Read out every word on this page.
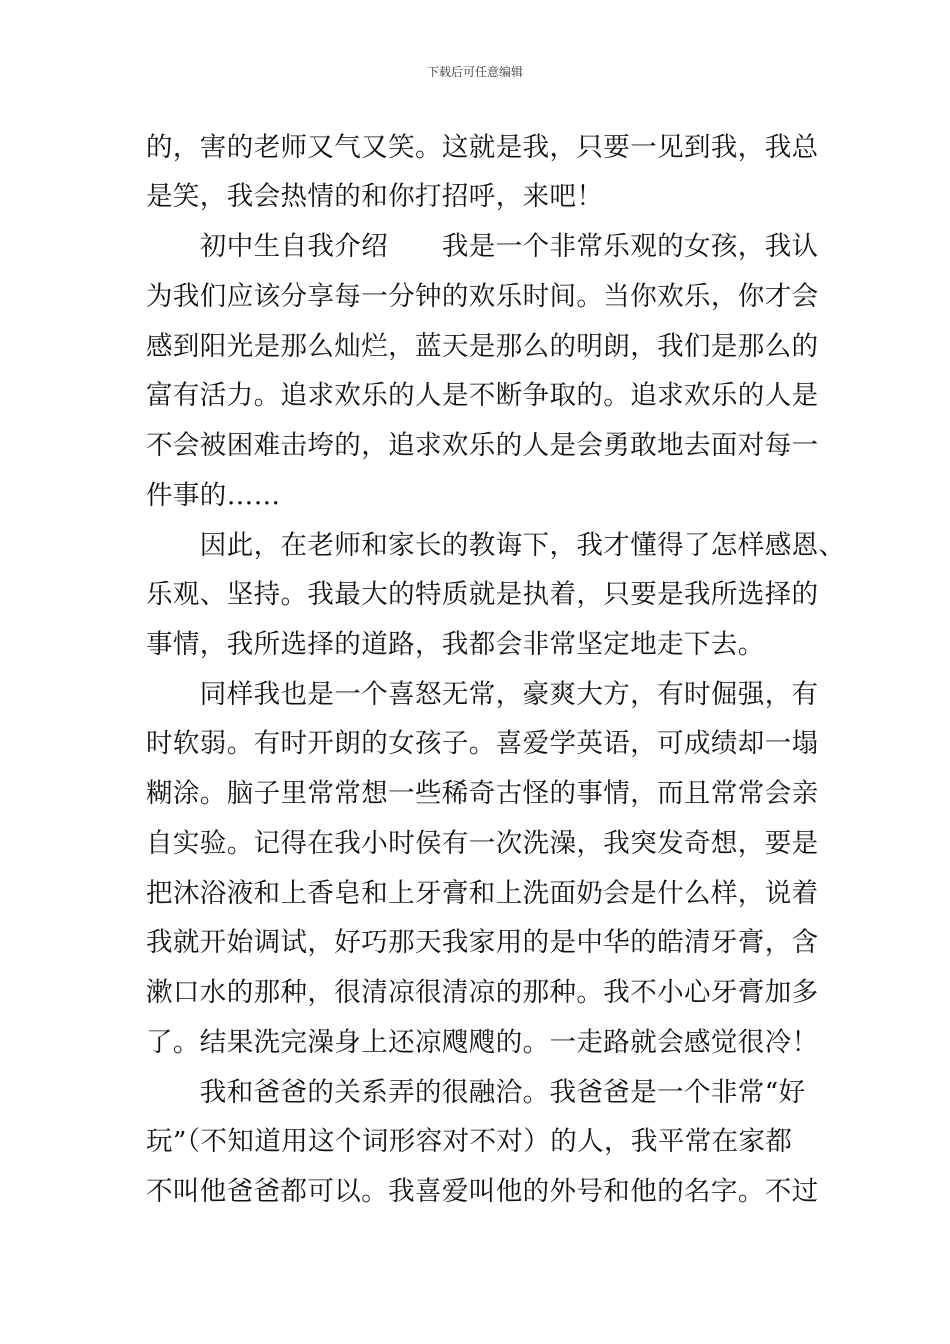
下载后可任意编辑
的，害的老师又气又笑。这就是我，只要一见到我，我总
是笑，我会热情的和你打招呼，来吧！
　　初中生自我介绍　　我是一个非常乐观的女孩，我认
为我们应该分享每一分钟的欢乐时间。当你欢乐，你才会
感到阳光是那么灿烂，蓝天是那么的明朗，我们是那么的
富有活力。追求欢乐的人是不断争取的。追求欢乐的人是
不会被困难击垮的，追求欢乐的人是会勇敢地去面对每一
件事的……
　　因此，在老师和家长的教诲下，我才懂得了怎样感恩、
乐观、坚持。我最大的特质就是执着，只要是我所选择的
事情，我所选择的道路，我都会非常坚定地走下去。
　　同样我也是一个喜怒无常，豪爽大方，有时倔强，有
时软弱。有时开朗的女孩子。喜爱学英语，可成绩却一塌
糊涂。脑子里常常想一些稀奇古怪的事情，而且常常会亲
自实验。记得在我小时侯有一次洗澡，我突发奇想，要是
把沐浴液和上香皂和上牙膏和上洗面奶会是什么样，说着
我就开始调试，好巧那天我家用的是中华的皓清牙膏，含
漱口水的那种，很清凉很清凉的那种。我不小心牙膏加多
了。结果洗完澡身上还凉飕飕的。一走路就会感觉很冷！
　　我和爸爸的关系弄的很融洽。我爸爸是一个非常“好
玩”（不知道用这个词形容对不对）的人，我平常在家都
不叫他爸爸都可以。我喜爱叫他的外号和他的名字。不过
